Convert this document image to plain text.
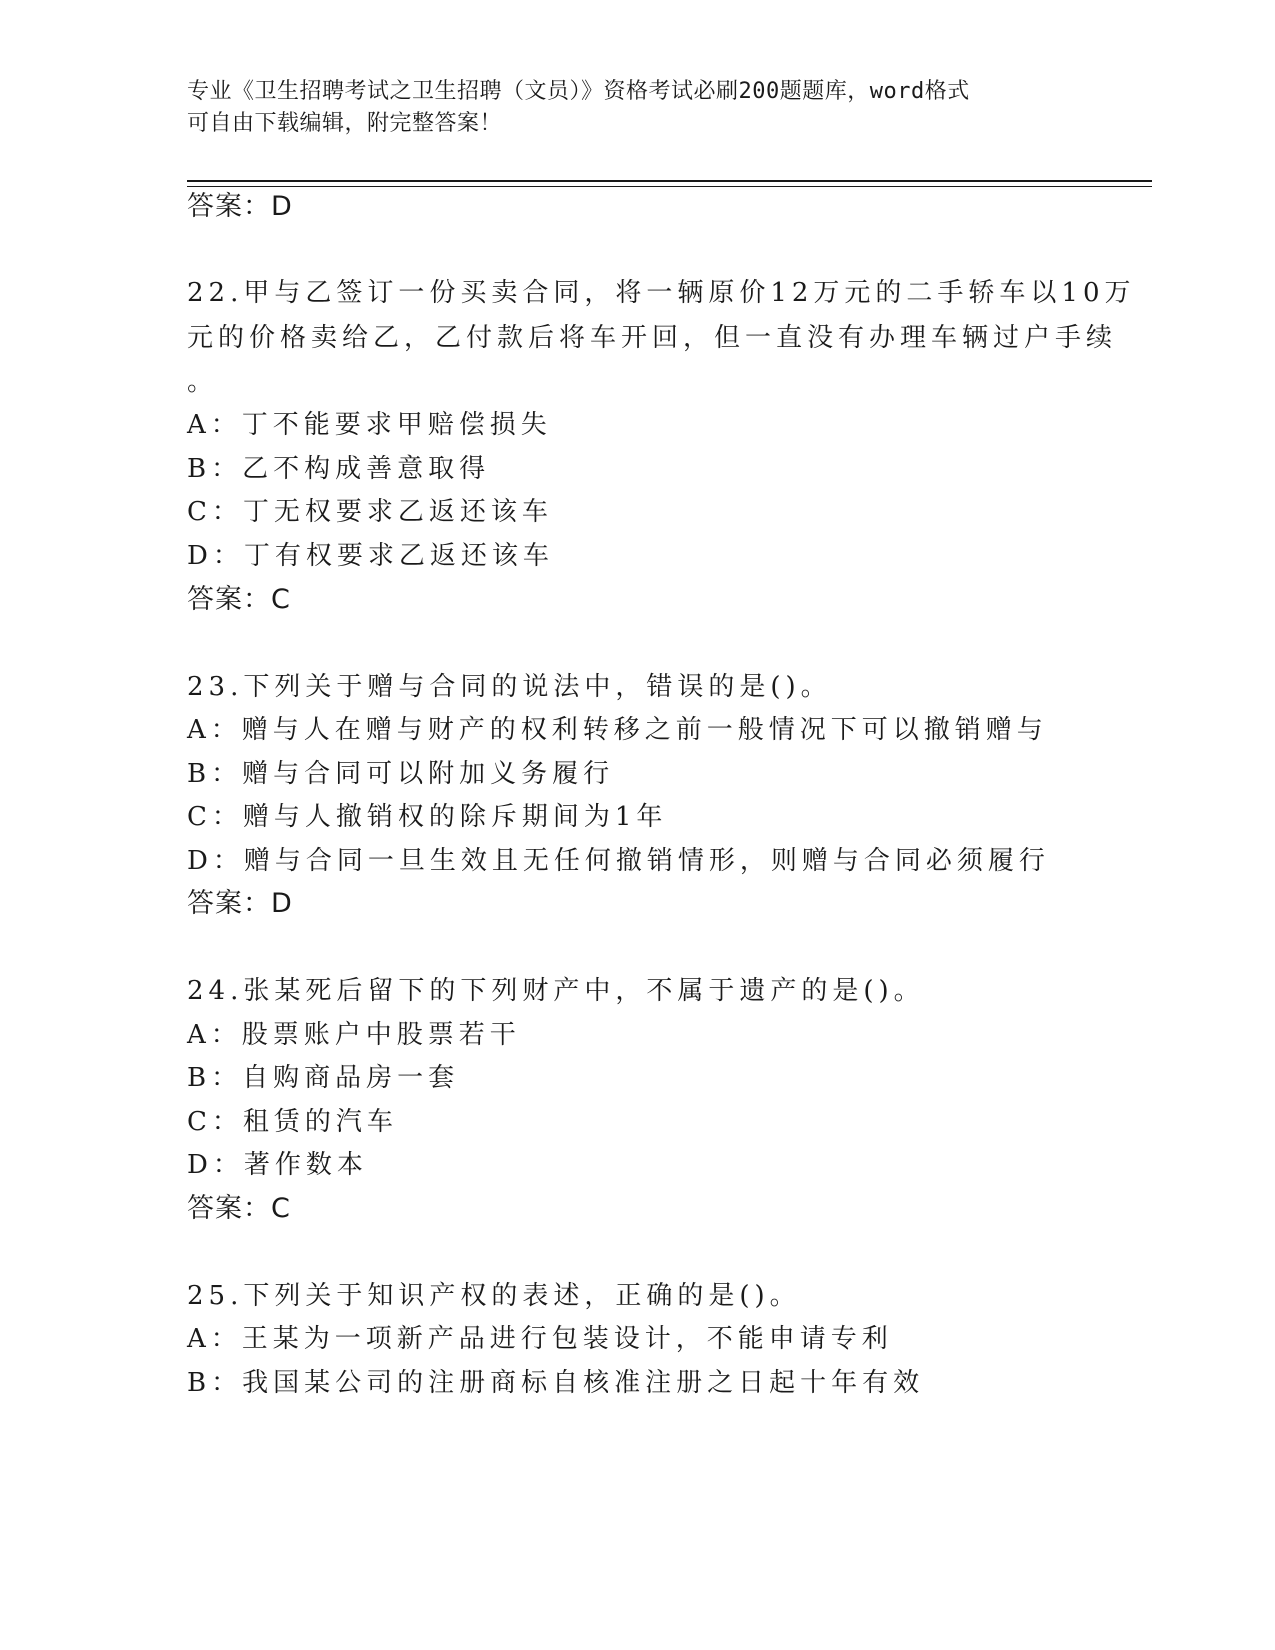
专业《卫生招聘考试之卫生招聘（文员）》资格考试必刷200题题库，word格式
可自由下载编辑，附完整答案！
答案：D
22.甲与乙签订一份买卖合同，将一辆原价12万元的二手轿车以10万
元的价格卖给乙，乙付款后将车开回，但一直没有办理车辆过户手续
。
A：丁不能要求甲赔偿损失
B：乙不构成善意取得
C：丁无权要求乙返还该车
D：丁有权要求乙返还该车
答案：C
23.下列关于赠与合同的说法中，错误的是()。
A：赠与人在赠与财产的权利转移之前一般情况下可以撤销赠与
B：赠与合同可以附加义务履行
C：赠与人撤销权的除斥期间为1年
D：赠与合同一旦生效且无任何撤销情形，则赠与合同必须履行
答案：D
24.张某死后留下的下列财产中，不属于遗产的是()。
A：股票账户中股票若干
B：自购商品房一套
C：租赁的汽车
D：著作数本
答案：C
25.下列关于知识产权的表述，正确的是()。
A：王某为一项新产品进行包装设计，不能申请专利
B：我国某公司的注册商标自核准注册之日起十年有效
